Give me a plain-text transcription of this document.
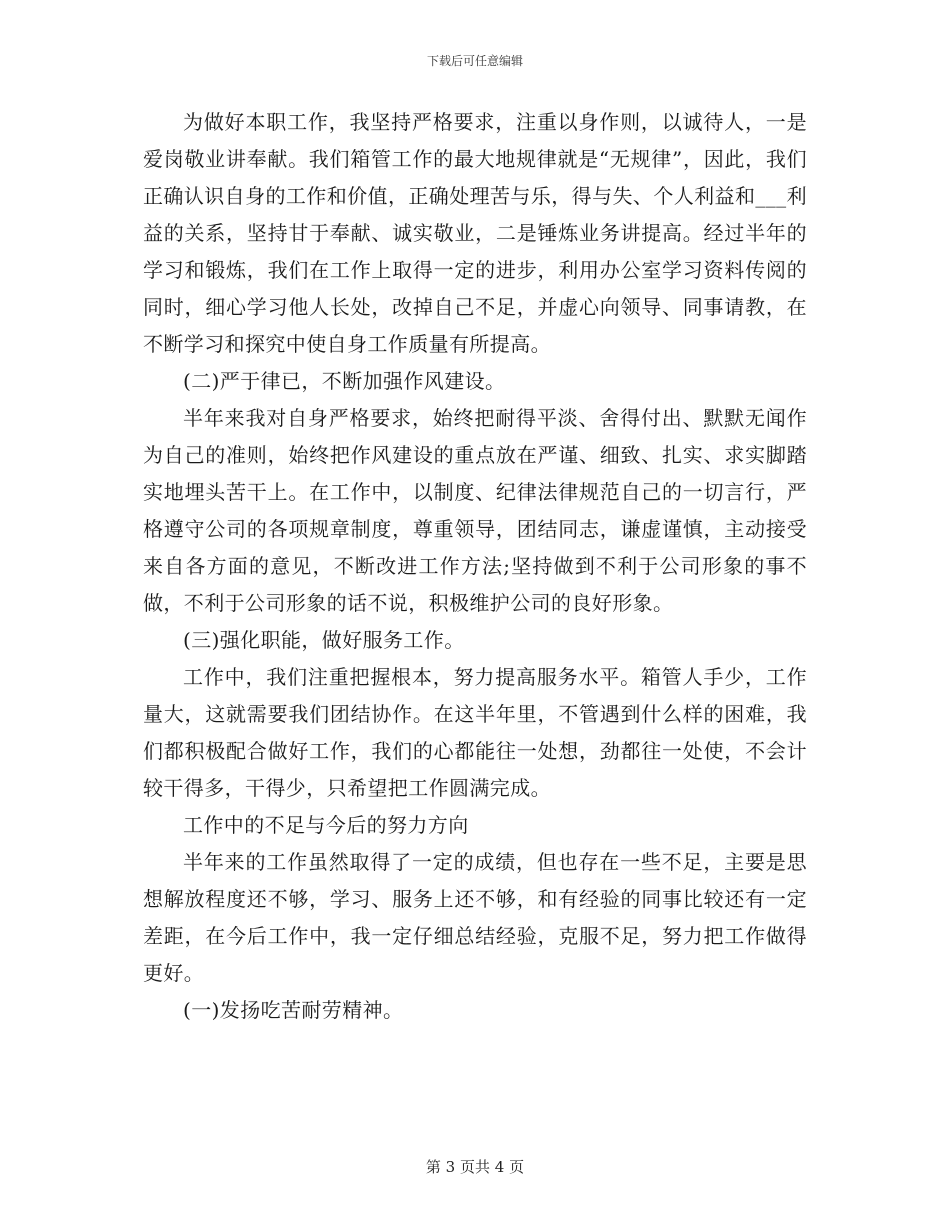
下载后可任意编辑

为做好本职工作，我坚持严格要求，注重以身作则，以诚待人，一是爱岗敬业讲奉献。我们箱管工作的最大地规律就是“无规律”，因此，我们正确认识自身的工作和价值，正确处理苦与乐，得与失、个人利益和___利益的关系，坚持甘于奉献、诚实敬业，二是锤炼业务讲提高。经过半年的学习和锻炼，我们在工作上取得一定的进步，利用办公室学习资料传阅的同时，细心学习他人长处，改掉自己不足，并虚心向领导、同事请教，在不断学习和探究中使自身工作质量有所提高。

(二)严于律已，不断加强作风建设。

半年来我对自身严格要求，始终把耐得平淡、舍得付出、默默无闻作为自己的准则，始终把作风建设的重点放在严谨、细致、扎实、求实脚踏实地埋头苦干上。在工作中，以制度、纪律法律规范自己的一切言行，严格遵守公司的各项规章制度，尊重领导，团结同志，谦虚谨慎，主动接受来自各方面的意见，不断改进工作方法;坚持做到不利于公司形象的事不做，不利于公司形象的话不说，积极维护公司的良好形象。

(三)强化职能，做好服务工作。

工作中，我们注重把握根本，努力提高服务水平。箱管人手少，工作量大，这就需要我们团结协作。在这半年里，不管遇到什么样的困难，我们都积极配合做好工作，我们的心都能往一处想，劲都往一处使，不会计较干得多，干得少，只希望把工作圆满完成。

工作中的不足与今后的努力方向

半年来的工作虽然取得了一定的成绩，但也存在一些不足，主要是思想解放程度还不够，学习、服务上还不够，和有经验的同事比较还有一定差距，在今后工作中，我一定仔细总结经验，克服不足，努力把工作做得更好。

(一)发扬吃苦耐劳精神。

第 3 页共 4 页
